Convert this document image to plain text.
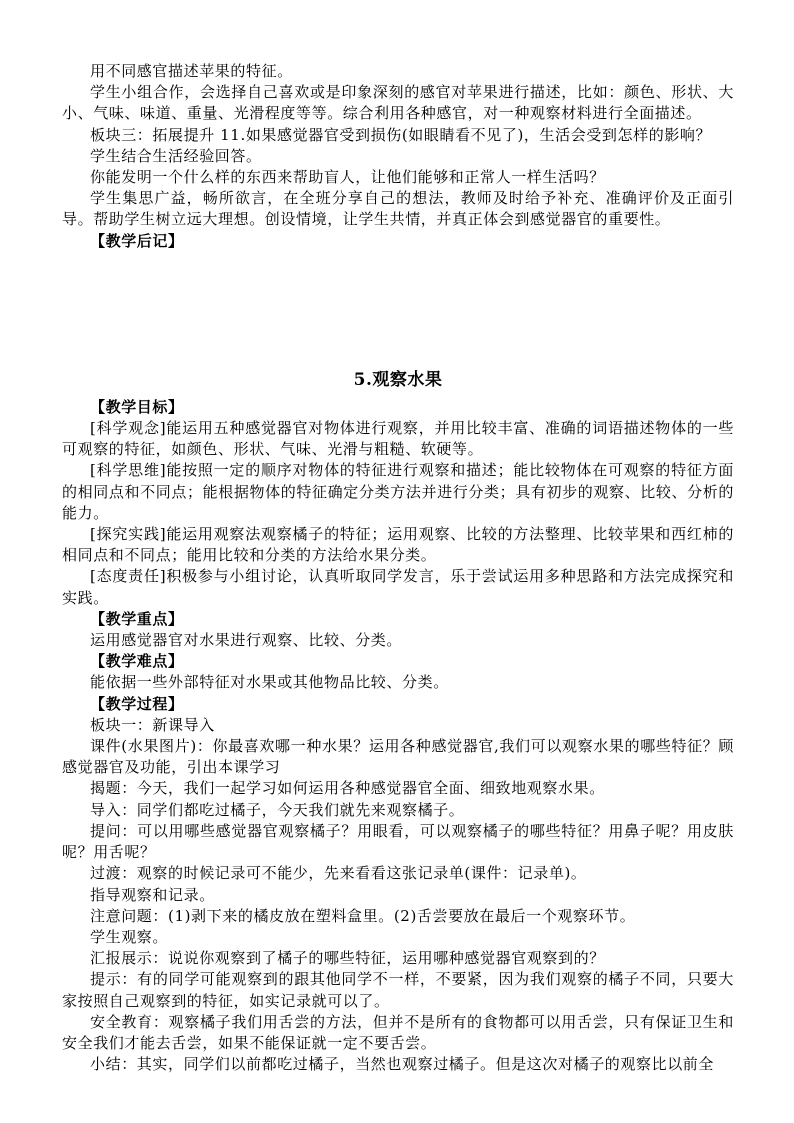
用不同感官描述苹果的特征。

学生小组合作，会选择自己喜欢或是印象深刻的感官对苹果进行描述，比如：颜色、形状、大小、气味、味道、重量、光滑程度等等。综合利用各种感官，对一种观察材料进行全面描述。

板块三：拓展提升 11.如果感觉器官受到损伤(如眼睛看不见了)，生活会受到怎样的影响？

学生结合生活经验回答。

你能发明一个什么样的东西来帮助盲人，让他们能够和正常人一样生活吗？

学生集思广益，畅所欲言，在全班分享自己的想法，教师及时给予补充、准确评价及正面引导。帮助学生树立远大理想。创设情境，让学生共情，并真正体会到感觉器官的重要性。

【教学后记】

5.观察水果

【教学目标】

[科学观念]能运用五种感觉器官对物体进行观察，并用比较丰富、准确的词语描述物体的一些可观察的特征，如颜色、形状、气味、光滑与粗糙、软硬等。

[科学思维]能按照一定的顺序对物体的特征进行观察和描述；能比较物体在可观察的特征方面的相同点和不同点；能根据物体的特征确定分类方法并进行分类；具有初步的观察、比较、分析的能力。

[探究实践]能运用观察法观察橘子的特征；运用观察、比较的方法整理、比较苹果和西红柿的相同点和不同点；能用比较和分类的方法给水果分类。

[态度责任]积极参与小组讨论，认真听取同学发言，乐于尝试运用多种思路和方法完成探究和实践。

【教学重点】

运用感觉器官对水果进行观察、比较、分类。

【教学难点】

能依据一些外部特征对水果或其他物品比较、分类。

【教学过程】

板块一：新课导入

课件(水果图片)：你最喜欢哪一种水果？运用各种感觉器官,我们可以观察水果的哪些特征？顾感觉器官及功能，引出本课学习

揭题：今天，我们一起学习如何运用各种感觉器官全面、细致地观察水果。

导入：同学们都吃过橘子，今天我们就先来观察橘子。

提问：可以用哪些感觉器官观察橘子？用眼看，可以观察橘子的哪些特征？用鼻子呢？用皮肤呢？用舌呢？

过渡：观察的时候记录可不能少，先来看看这张记录单(课件：记录单)。

指导观察和记录。

注意问题：(1)剥下来的橘皮放在塑料盒里。(2)舌尝要放在最后一个观察环节。

学生观察。

汇报展示：说说你观察到了橘子的哪些特征，运用哪种感觉器官观察到的？

提示：有的同学可能观察到的跟其他同学不一样，不要紧，因为我们观察的橘子不同，只要大家按照自己观察到的特征，如实记录就可以了。

安全教育：观察橘子我们用舌尝的方法，但并不是所有的食物都可以用舌尝，只有保证卫生和安全我们才能去舌尝，如果不能保证就一定不要舌尝。

小结：其实，同学们以前都吃过橘子，当然也观察过橘子。但是这次对橘子的观察比以前全
